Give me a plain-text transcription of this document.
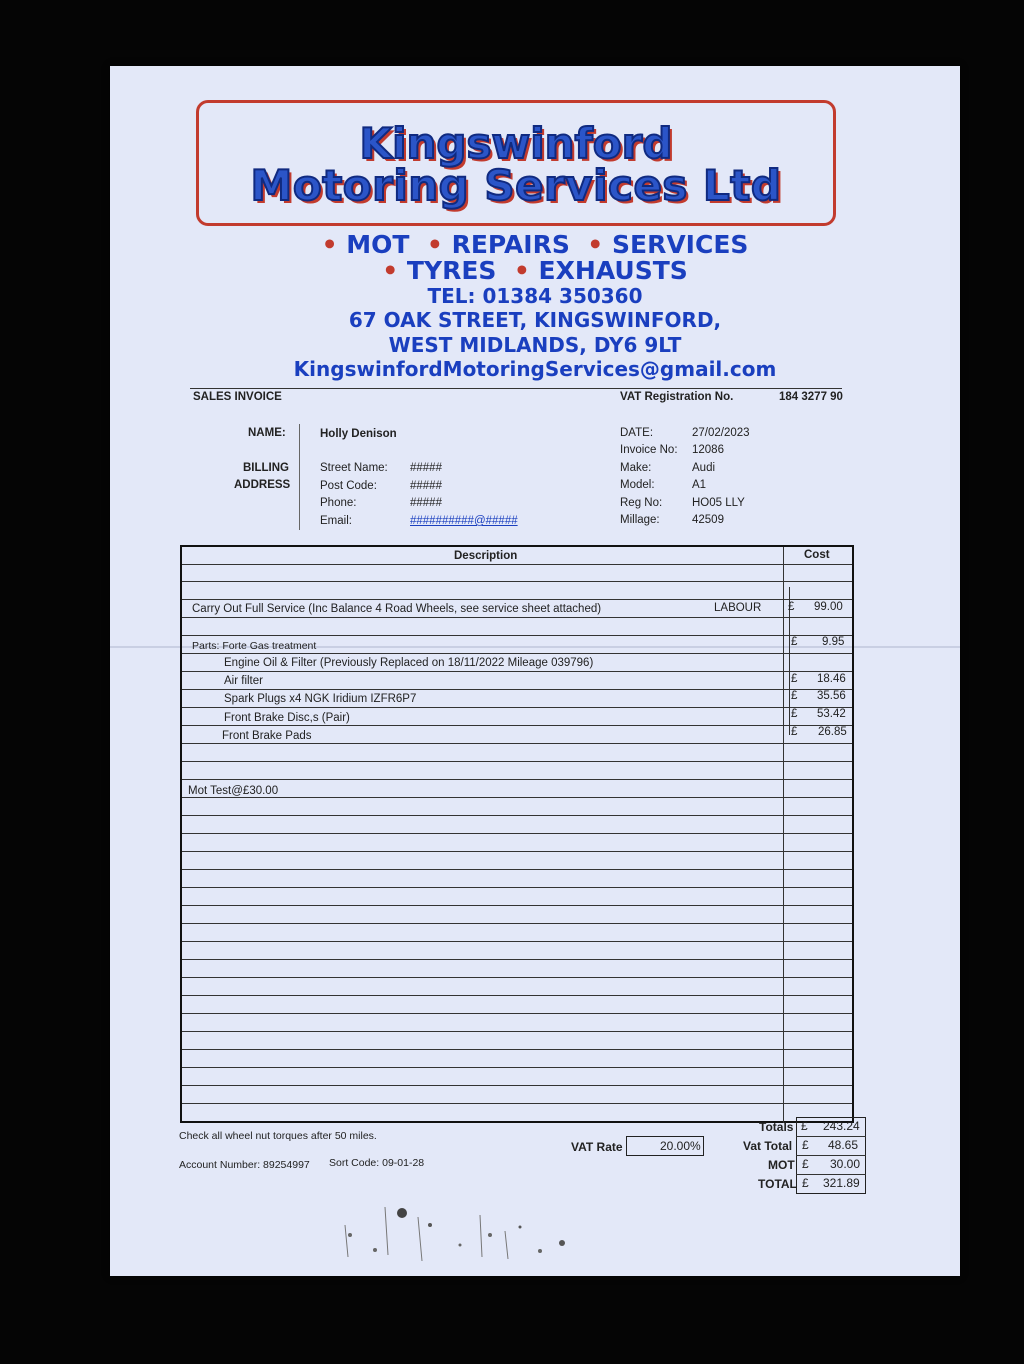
Kingswinford
Motoring Services Ltd
• MOT • REPAIRS • SERVICES
• TYRES • EXHAUSTS
TEL: 01384 350360
67 OAK STREET, KINGSWINFORD,
WEST MIDLANDS, DY6 9LT
KingswinfordMotoringServices@gmail.com
SALES INVOICE	VAT Registration No.	184 3277 90
NAME:	Holly Denison
BILLING
ADDRESS
Street Name: #####
Post Code:	#####
Phone:	#####
Email:	##########@#####
DATE:	27/02/2023
Invoice No: 12086
Make:	Audi
Model:	A1
Reg No:	HO05 LLY
Millage:	42509
Description	Cost
Carry Out Full Service (Inc Balance 4 Road Wheels, see service sheet attached)	LABOUR £ 99.00
Parts: Forte Gas treatment	£ 9.95
Engine Oil & Filter (Previously Replaced on 18/11/2022 Mileage 039796)
Air filter	£ 18.46
Spark Plugs x4 NGK Iridium IZFR6P7	£ 35.56
Front Brake Disc,s (Pair)	£ 53.42
Front Brake Pads	£ 26.85
Mot Test@£30.00
Check all wheel nut torques after 50 miles.
Account Number: 89254997 Sort Code: 09-01-28
VAT Rate	20.00%
Totals £ 243.24
Vat Total £ 48.65
MOT £ 30.00
TOTAL £ 321.89
